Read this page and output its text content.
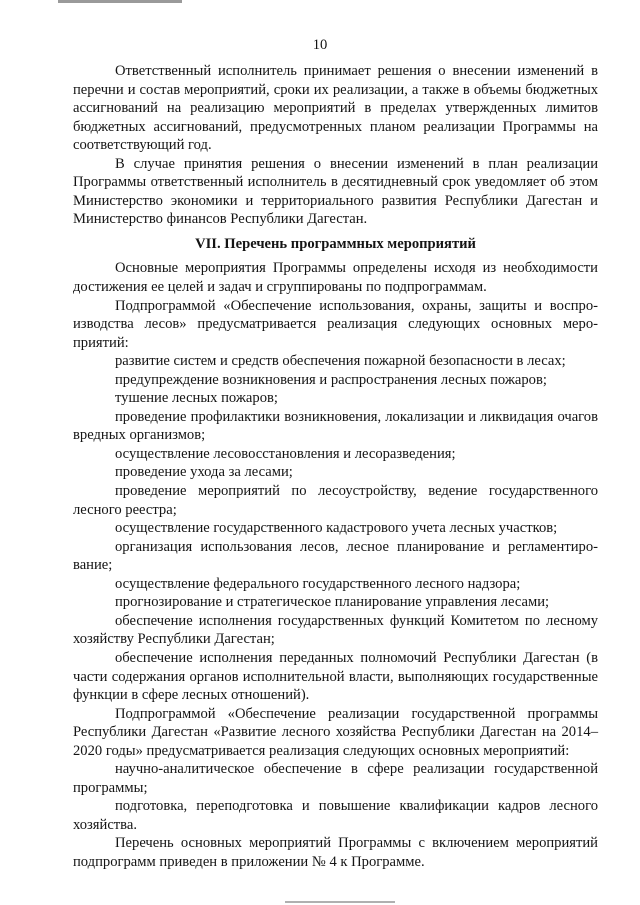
10

Ответственный исполнитель принимает решения о внесении изменений в перечни и состав мероприятий, сроки их реализации, а также в объемы бюджетных ассигнований на реализацию мероприятий в пределах утвержденных лимитов бюджетных ассигнований, предусмотренных планом реализации Программы на соответствующий год.

В случае принятия решения о внесении изменений в план реализации Программы ответственный исполнитель в десятидневный срок уведомляет об этом Министерство экономики и территориального развития Республики Дагестан и Министерство финансов Республики Дагестан.

VII. Перечень программных мероприятий

Основные мероприятия Программы определены исходя из необходимости достижения ее целей и задач и сгруппированы по подпрограммам.

Подпрограммой «Обеспечение использования, охраны, защиты и воспроизводства лесов» предусматривается реализация следующих основных мероприятий:

развитие систем и средств обеспечения пожарной безопасности в лесах;

предупреждение возникновения и распространения лесных пожаров;

тушение лесных пожаров;

проведение профилактики возникновения, локализации и ликвидация очагов вредных организмов;

осуществление лесовосстановления и лесоразведения;

проведение ухода за лесами;

проведение мероприятий по лесоустройству, ведение государственного лесного реестра;

осуществление государственного кадастрового учета лесных участков;

организация использования лесов, лесное планирование и регламентирование;

осуществление федерального государственного лесного надзора;

прогнозирование и стратегическое планирование управления лесами;

обеспечение исполнения государственных функций Комитетом по лесному хозяйству Республики Дагестан;

обеспечение исполнения переданных полномочий Республики Дагестан (в части содержания органов исполнительной власти, выполняющих государственные функции в сфере лесных отношений).

Подпрограммой «Обеспечение реализации государственной программы Республики Дагестан «Развитие лесного хозяйства Республики Дагестан на 2014–2020 годы» предусматривается реализация следующих основных мероприятий:

научно-аналитическое обеспечение в сфере реализации государственной программы;

подготовка, переподготовка и повышение квалификации кадров лесного хозяйства.

Перечень основных мероприятий Программы с включением мероприятий подпрограмм приведен в приложении № 4 к Программе.
